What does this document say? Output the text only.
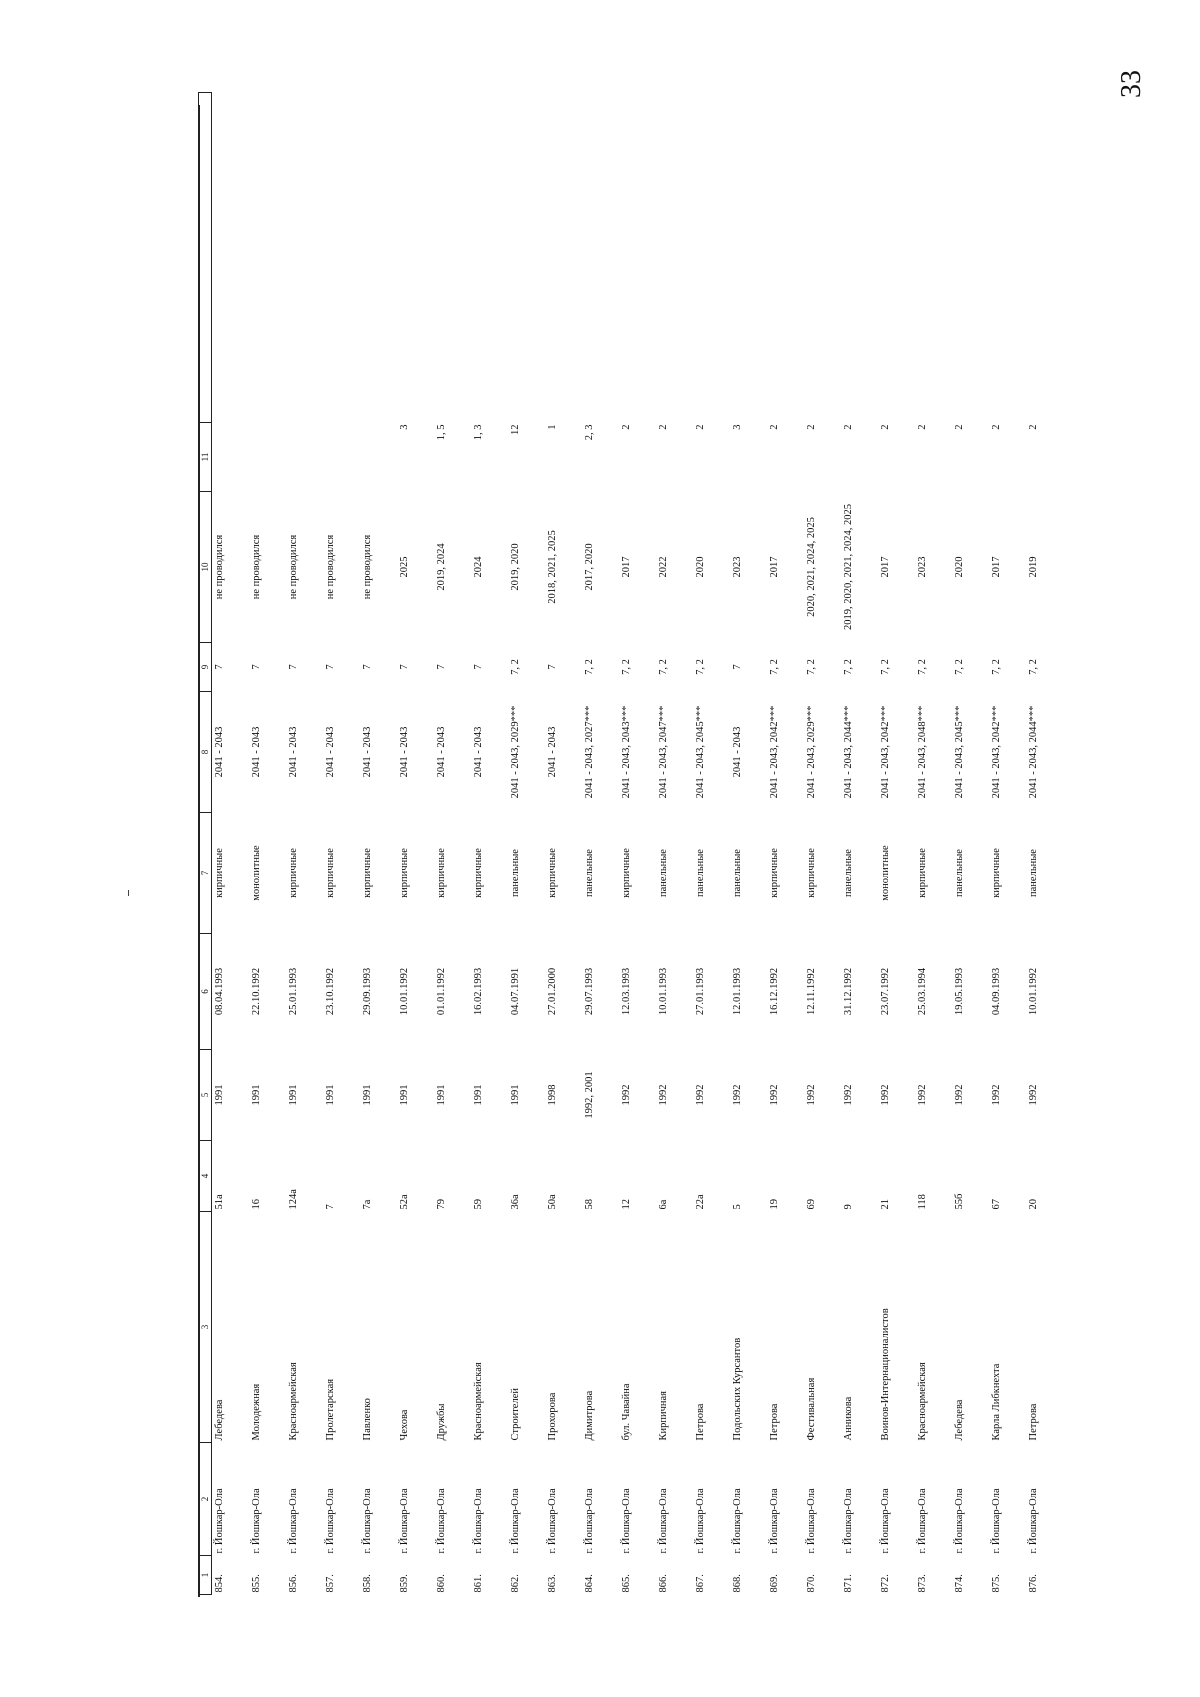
33
1	2	3	4	5	6	7	8	9	10	11	
854.	г. Йошкар-Ола	Лебедева	51а	1991	08.04.1993	кирпичные	2041 - 2043	7	не проводился		
855.	г. Йошкар-Ола	Молодежная	16	1991	22.10.1992	монолитные	2041 - 2043	7	не проводился		
856.	г. Йошкар-Ола	Красноармейская	124а	1991	25.01.1993	кирпичные	2041 - 2043	7	не проводился		
857.	г. Йошкар-Ола	Пролетарская	7	1991	23.10.1992	кирпичные	2041 - 2043	7	не проводился		
858.	г. Йошкар-Ола	Павленко	7а	1991	29.09.1993	кирпичные	2041 - 2043	7	не проводился		
859.	г. Йошкар-Ола	Чехова	52а	1991	10.01.1992	кирпичные	2041 - 2043	7	2025	3	
860.	г. Йошкар-Ола	Дружбы	79	1991	01.01.1992	кирпичные	2041 - 2043	7	2019, 2024	1, 5	
861.	г. Йошкар-Ола	Красноармейская	59	1991	16.02.1993	кирпичные	2041 - 2043	7	2024	1, 3	
862.	г. Йошкар-Ола	Строителей	36а	1991	04.07.1991	панельные	2041 - 2043, 2029***	7, 2	2019, 2020	12	
863.	г. Йошкар-Ола	Прохорова	50а	1998	27.01.2000	кирпичные	2041 - 2043	7	2018, 2021, 2025	1	
864.	г. Йошкар-Ола	Димитрова	58	1992, 2001	29.07.1993	панельные	2041 - 2043, 2027***	7, 2	2017, 2020	2, 3	
865.	г. Йошкар-Ола	бул. Чавайна	12	1992	12.03.1993	кирпичные	2041 - 2043, 2043***	7, 2	2017	2	
866.	г. Йошкар-Ола	Кирпичная	6а	1992	10.01.1993	панельные	2041 - 2043, 2047***	7, 2	2022	2	
867.	г. Йошкар-Ола	Петрова	22а	1992	27.01.1993	панельные	2041 - 2043, 2045***	7, 2	2020	2	
868.	г. Йошкар-Ола	Подольских Курсантов	5	1992	12.01.1993	панельные	2041 - 2043	7	2023	3	
869.	г. Йошкар-Ола	Петрова	19	1992	16.12.1992	кирпичные	2041 - 2043, 2042***	7, 2	2017	2	
870.	г. Йошкар-Ола	Фестивальная	69	1992	12.11.1992	кирпичные	2041 - 2043, 2029***	7, 2	2020, 2021, 2024, 2025	2	
871.	г. Йошкар-Ола	Анникова	9	1992	31.12.1992	панельные	2041 - 2043, 2044***	7, 2	2019, 2020, 2021, 2024, 2025	2	
872.	г. Йошкар-Ола	Воинов-Интернационалистов	21	1992	23.07.1992	монолитные	2041 - 2043, 2042***	7, 2	2017	2	
873.	г. Йошкар-Ола	Красноармейская	118	1992	25.03.1994	кирпичные	2041 - 2043, 2048***	7, 2	2023	2	
874.	г. Йошкар-Ола	Лебедева	55б	1992	19.05.1993	панельные	2041 - 2043, 2045***	7, 2	2020	2	
875.	г. Йошкар-Ола	Карла Либкнехта	67	1992	04.09.1993	кирпичные	2041 - 2043, 2042***	7, 2	2017	2	
876.	г. Йошкар-Ола	Петрова	20	1992	10.01.1992	панельные	2041 - 2043, 2044***	7, 2	2019	2	
